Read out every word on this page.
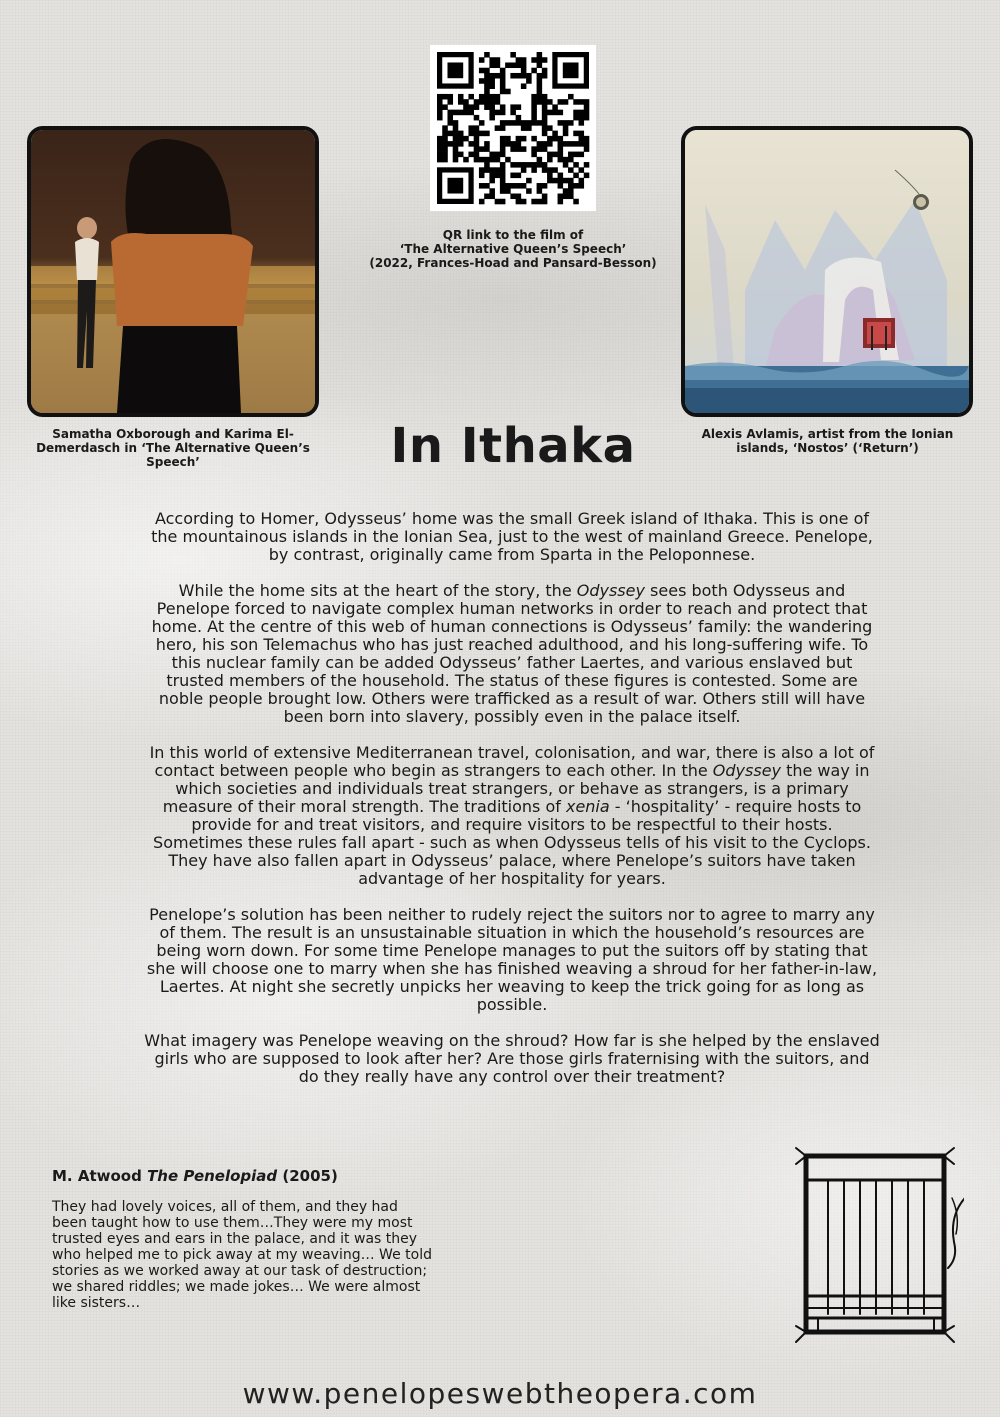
QR link to the film of
‘The Alternative Queen’s Speech’
(2022, Frances-Hoad and Pansard-Besson)
Samatha Oxborough and Karima El-Demerdasch in ‘The Alternative Queen’s Speech’
Alexis Avlamis, artist from the Ionian islands, ‘Nostos’ (‘Return’)
In Ithaka

According to Homer, Odysseus’ home was the small Greek island of Ithaka. This is one of the mountainous islands in the Ionian Sea, just to the west of mainland Greece. Penelope, by contrast, originally came from Sparta in the Peloponnese.

While the home sits at the heart of the story, the Odyssey sees both Odysseus and Penelope forced to navigate complex human networks in order to reach and protect that home. At the centre of this web of human connections is Odysseus’ family: the wandering hero, his son Telemachus who has just reached adulthood, and his long-suffering wife. To this nuclear family can be added Odysseus’ father Laertes, and various enslaved but trusted members of the household. The status of these figures is contested. Some are noble people brought low. Others were trafficked as a result of war. Others still will have been born into slavery, possibly even in the palace itself.

In this world of extensive Mediterranean travel, colonisation, and war, there is also a lot of contact between people who begin as strangers to each other. In the Odyssey the way in which societies and individuals treat strangers, or behave as strangers, is a primary measure of their moral strength. The traditions of xenia - ‘hospitality’ - require hosts to provide for and treat visitors, and require visitors to be respectful to their hosts. Sometimes these rules fall apart - such as when Odysseus tells of his visit to the Cyclops. They have also fallen apart in Odysseus’ palace, where Penelope’s suitors have taken advantage of her hospitality for years.

Penelope’s solution has been neither to rudely reject the suitors nor to agree to marry any of them. The result is an unsustainable situation in which the household’s resources are being worn down. For some time Penelope manages to put the suitors off by stating that she will choose one to marry when she has finished weaving a shroud for her father-in-law, Laertes. At night she secretly unpicks her weaving to keep the trick going for as long as possible.

What imagery was Penelope weaving on the shroud? How far is she helped by the enslaved girls who are supposed to look after her? Are those girls fraternising with the suitors, and do they really have any control over their treatment?

M. Atwood The Penelopiad (2005)
They had lovely voices, all of them, and they had been taught how to use them…They were my most trusted eyes and ears in the palace, and it was they who helped me to pick away at my weaving… We told stories as we worked away at our task of destruction; we shared riddles; we made jokes… We were almost like sisters…
www.penelopeswebtheopera.com
